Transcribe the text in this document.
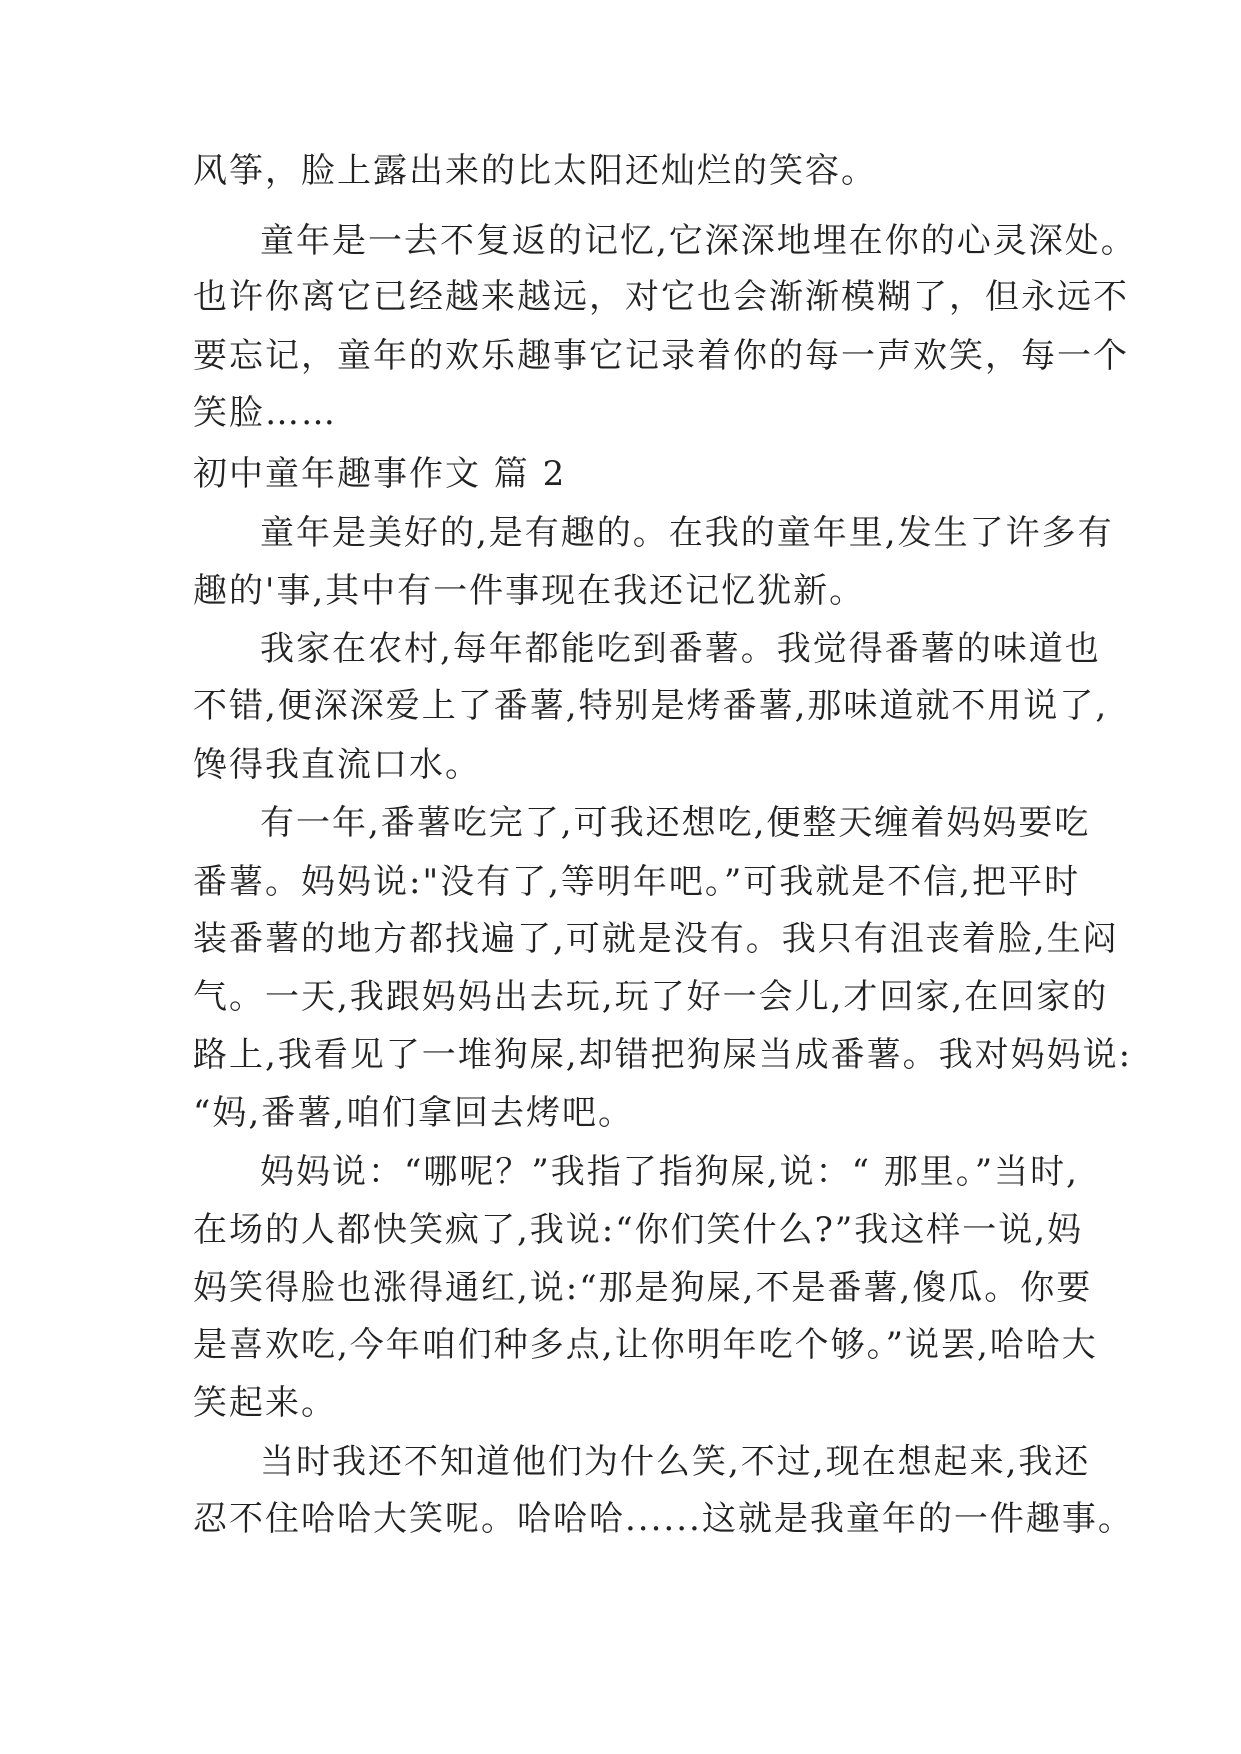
风筝，脸上露出来的比太阳还灿烂的笑容。

童年是一去不复返的记忆,它深深地埋在你的心灵深处。

也许你离它已经越来越远，对它也会渐渐模糊了，但永远不

要忘记，童年的欢乐趣事它记录着你的每一声欢笑，每一个

笑脸……

初中童年趣事作文 篇 2

童年是美好的,是有趣的。在我的童年里,发生了许多有

趣的'事,其中有一件事现在我还记忆犹新。

我家在农村,每年都能吃到番薯。我觉得番薯的味道也

不错,便深深爱上了番薯,特别是烤番薯,那味道就不用说了,

馋得我直流口水。

有一年,番薯吃完了,可我还想吃,便整天缠着妈妈要吃

番薯。妈妈说:"没有了,等明年吧。”可我就是不信,把平时

装番薯的地方都找遍了,可就是没有。我只有沮丧着脸,生闷

气。一天,我跟妈妈出去玩,玩了好一会儿,才回家,在回家的

路上,我看见了一堆狗屎,却错把狗屎当成番薯。我对妈妈说:

“妈,番薯,咱们拿回去烤吧。

妈妈说：“哪呢？”我指了指狗屎,说：“ 那里。”当时,

在场的人都快笑疯了,我说:“你们笑什么?”我这样一说,妈

妈笑得脸也涨得通红,说:“那是狗屎,不是番薯,傻瓜。你要

是喜欢吃,今年咱们种多点,让你明年吃个够。”说罢,哈哈大

笑起来。

当时我还不知道他们为什么笑,不过,现在想起来,我还

忍不住哈哈大笑呢。哈哈哈......这就是我童年的一件趣事。
